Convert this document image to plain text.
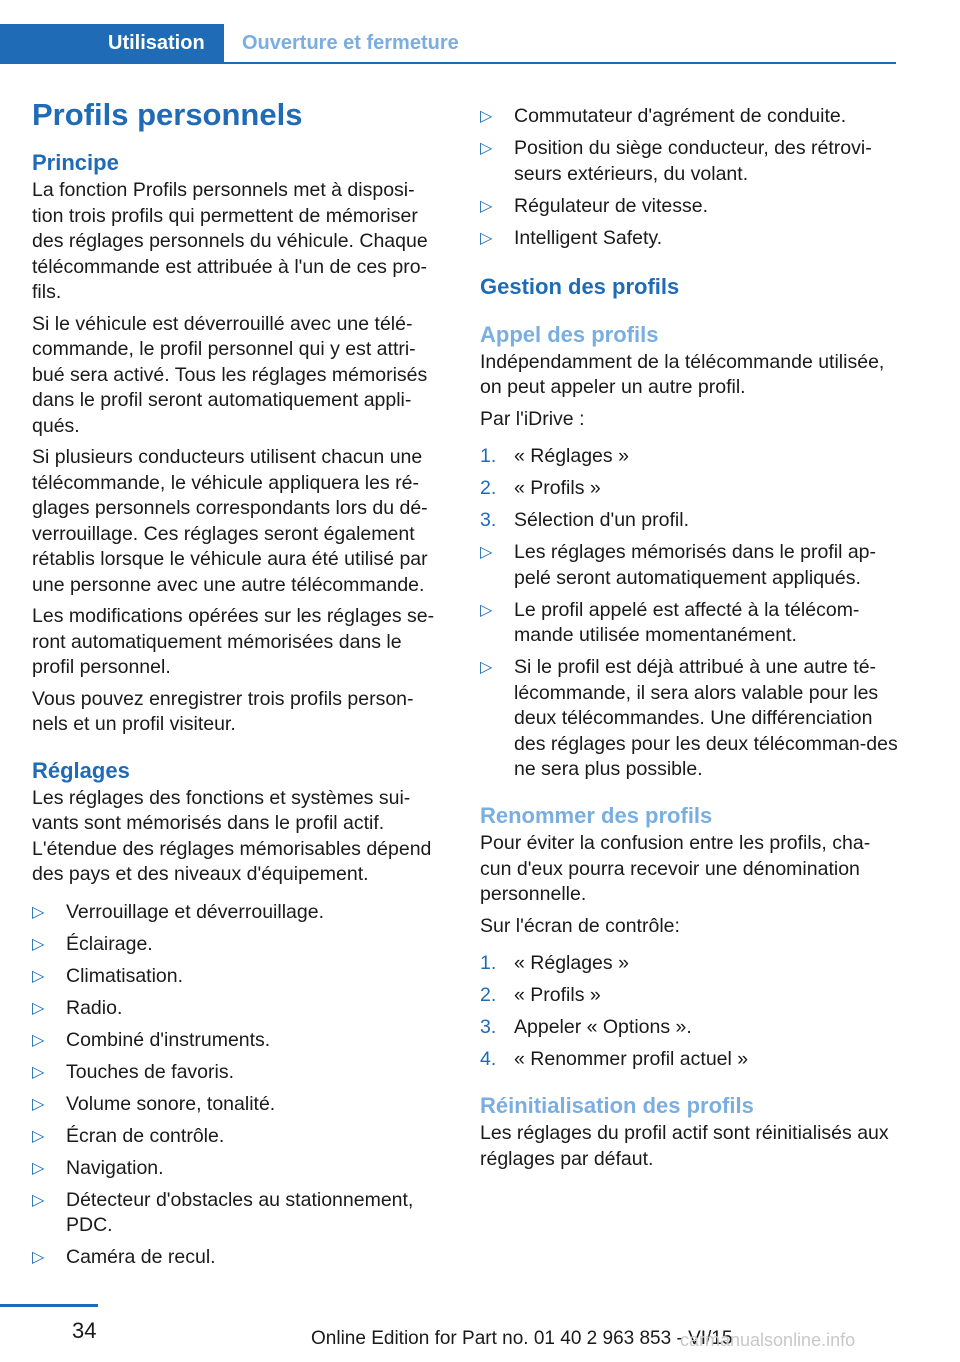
Utilisation	Ouverture et fermeture
Profils personnels
Principe

La fonction Profils personnels met à disposi-tion trois profils qui permettent de mémoriser des réglages personnels du véhicule. Chaque télécommande est attribuée à l'un de ces pro-fils.

Si le véhicule est déverrouillé avec une télé-commande, le profil personnel qui y est attri-bué sera activé. Tous les réglages mémorisés dans le profil seront automatiquement appli-qués.

Si plusieurs conducteurs utilisent chacun une télécommande, le véhicule appliquera les ré-glages personnels correspondants lors du dé-verrouillage. Ces réglages seront également rétablis lorsque le véhicule aura été utilisé par une personne avec une autre télécommande.

Les modifications opérées sur les réglages se-ront automatiquement mémorisées dans le profil personnel.

Vous pouvez enregistrer trois profils person-nels et un profil visiteur.

Réglages

Les réglages des fonctions et systèmes sui-vants sont mémorisés dans le profil actif.

L'étendue des réglages mémorisables dépend des pays et des niveaux d'équipement.

▷ Verrouillage et déverrouillage.
▷ Éclairage.
▷ Climatisation.
▷ Radio.
▷ Combiné d'instruments.
▷ Touches de favoris.
▷ Volume sonore, tonalité.
▷ Écran de contrôle.
▷ Navigation.
▷ Détecteur d'obstacles au stationnement, PDC.
▷ Caméra de recul.
▷ Commutateur d'agrément de conduite.
▷ Position du siège conducteur, des rétrovi-seurs extérieurs, du volant.
▷ Régulateur de vitesse.
▷ Intelligent Safety.
Gestion des profils
Appel des profils

Indépendamment de la télécommande utilisée, on peut appeler un autre profil.

Par l'iDrive :

1. « Réglages »
2. « Profils »
3. Sélection d'un profil.
▷ Les réglages mémorisés dans le profil ap-pelé seront automatiquement appliqués.
▷ Le profil appelé est affecté à la télécom-mande utilisée momentanément.
▷ Si le profil est déjà attribué à une autre té-lécommande, il sera alors valable pour les deux télécommandes. Une différenciation des réglages pour les deux télécomman-des ne sera plus possible.
Renommer des profils

Pour éviter la confusion entre les profils, cha-cun d'eux pourra recevoir une dénomination personnelle.

Sur l'écran de contrôle:

1. « Réglages »
2. « Profils »
3. Appeler « Options ».
4. « Renommer profil actuel »
Réinitialisation des profils

Les réglages du profil actif sont réinitialisés aux réglages par défaut.

34	Online Edition for Part no. 01 40 2 963 853 - VI/15
carmanualsonline.info
